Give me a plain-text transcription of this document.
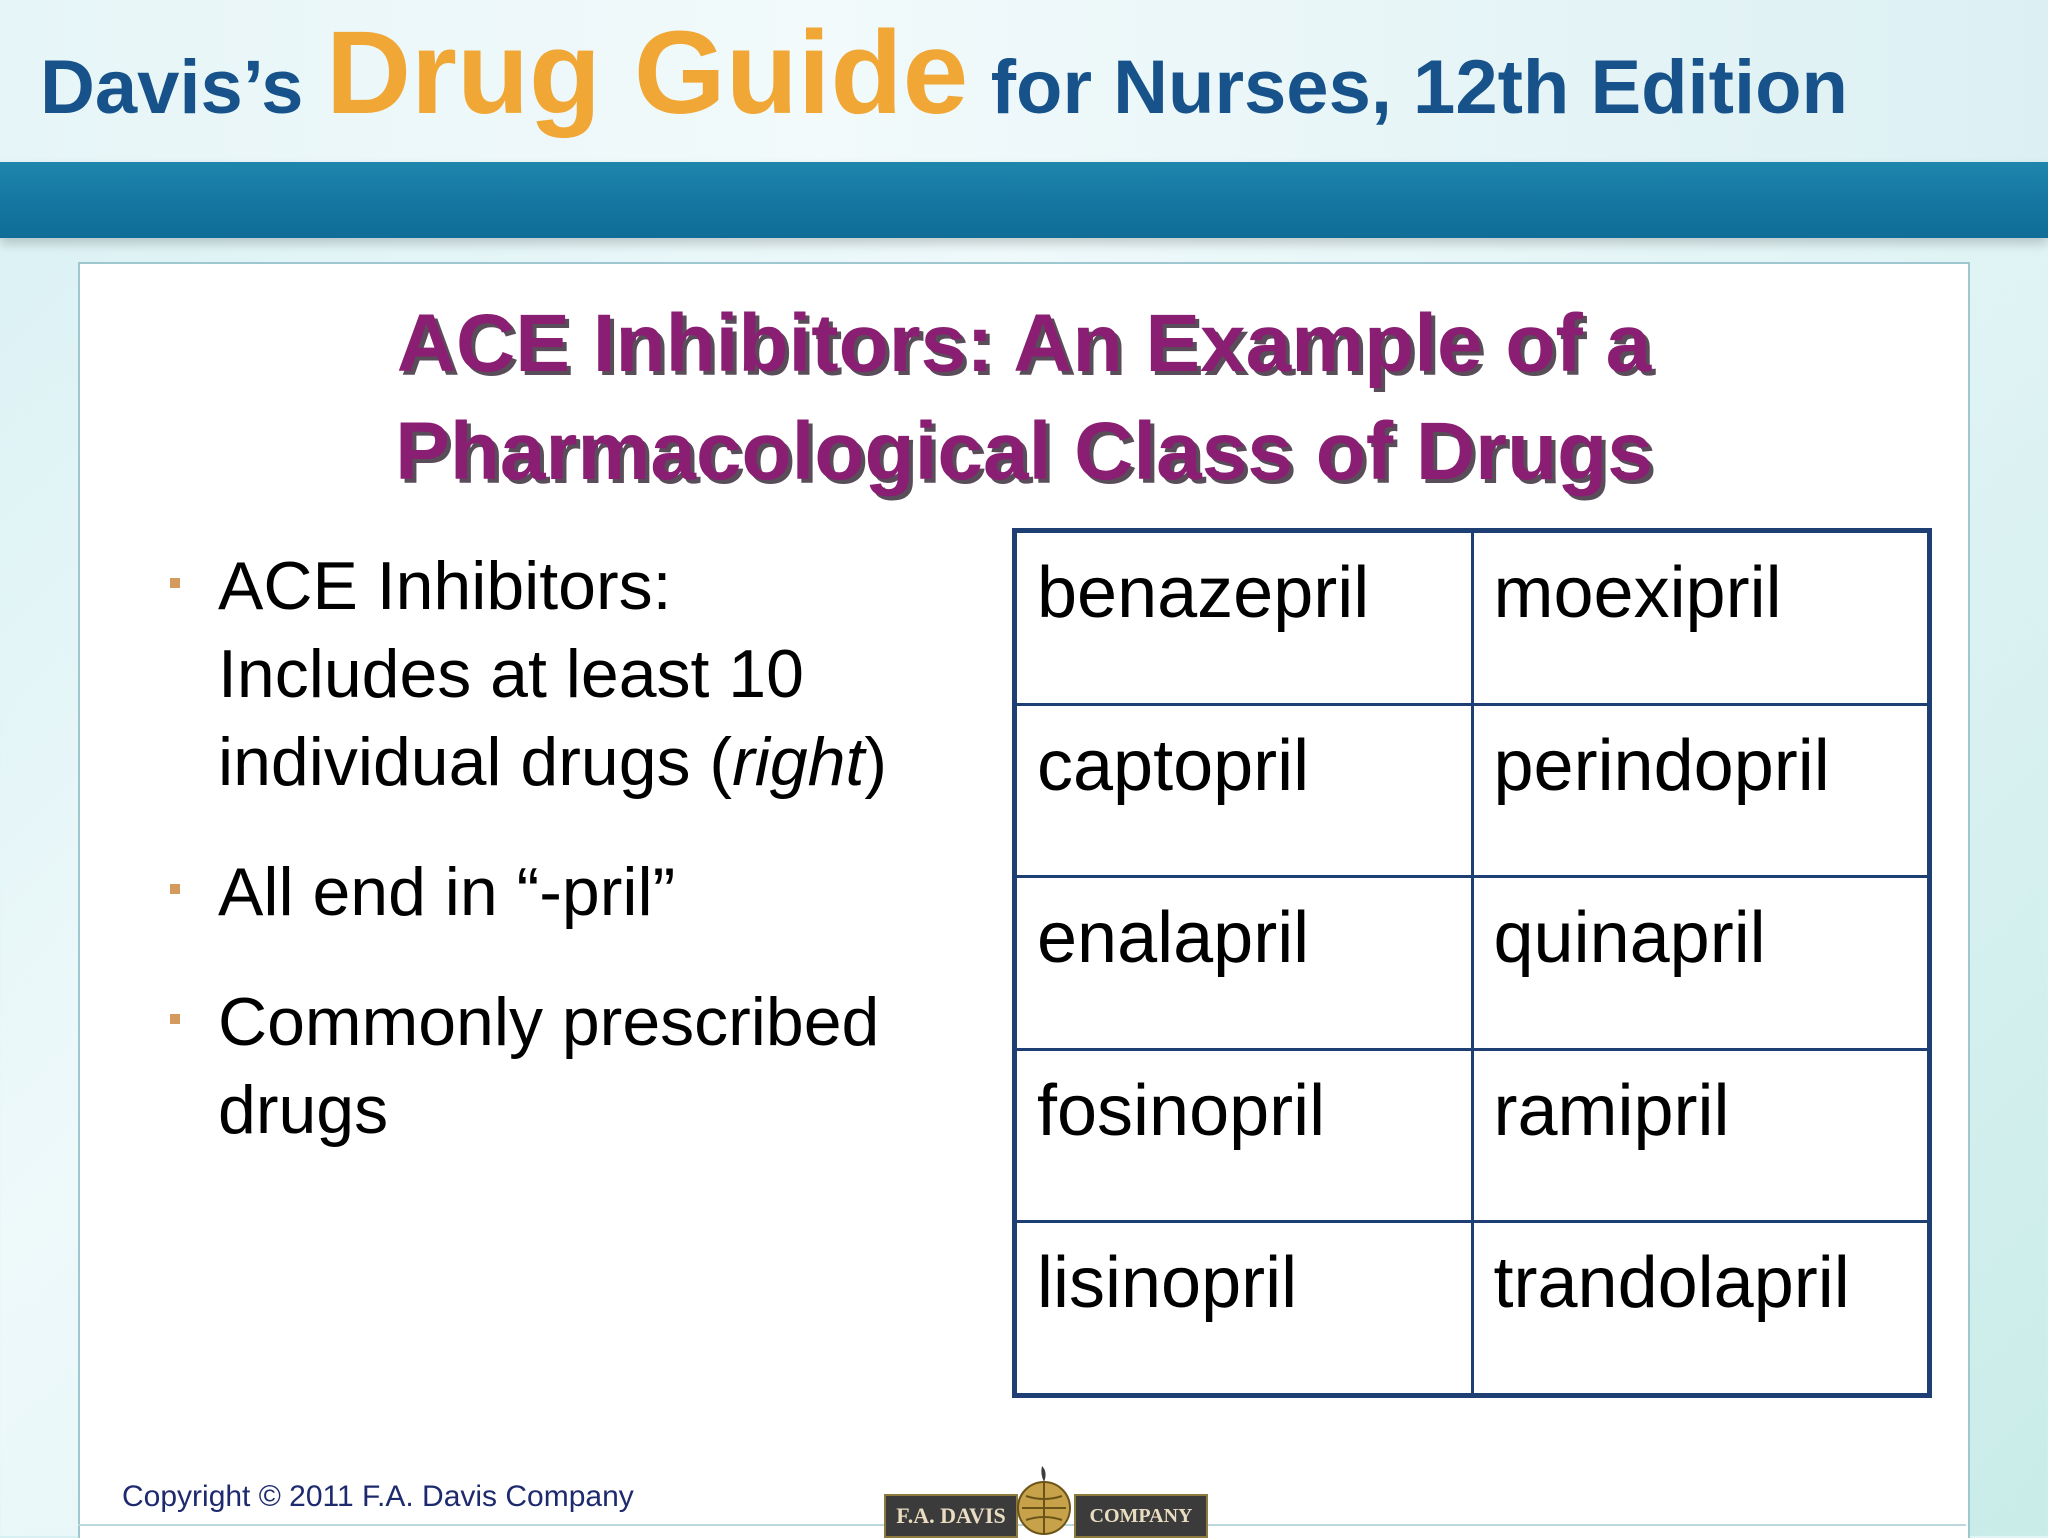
Davis’s Drug Guide for Nurses, 12th Edition
ACE Inhibitors: An Example of a
Pharmacological Class of Drugs
ACE Inhibitors:
Includes at least 10
individual drugs (right)
All end in “-pril”
Commonly prescribed
drugs
benazepril	moexipril
captopril	perindopril
enalapril	quinapril
fosinopril	ramipril
lisinopril	trandolapril
Copyright © 2011 F.A. Davis Company
F.A. DAVIS	COMPANY
